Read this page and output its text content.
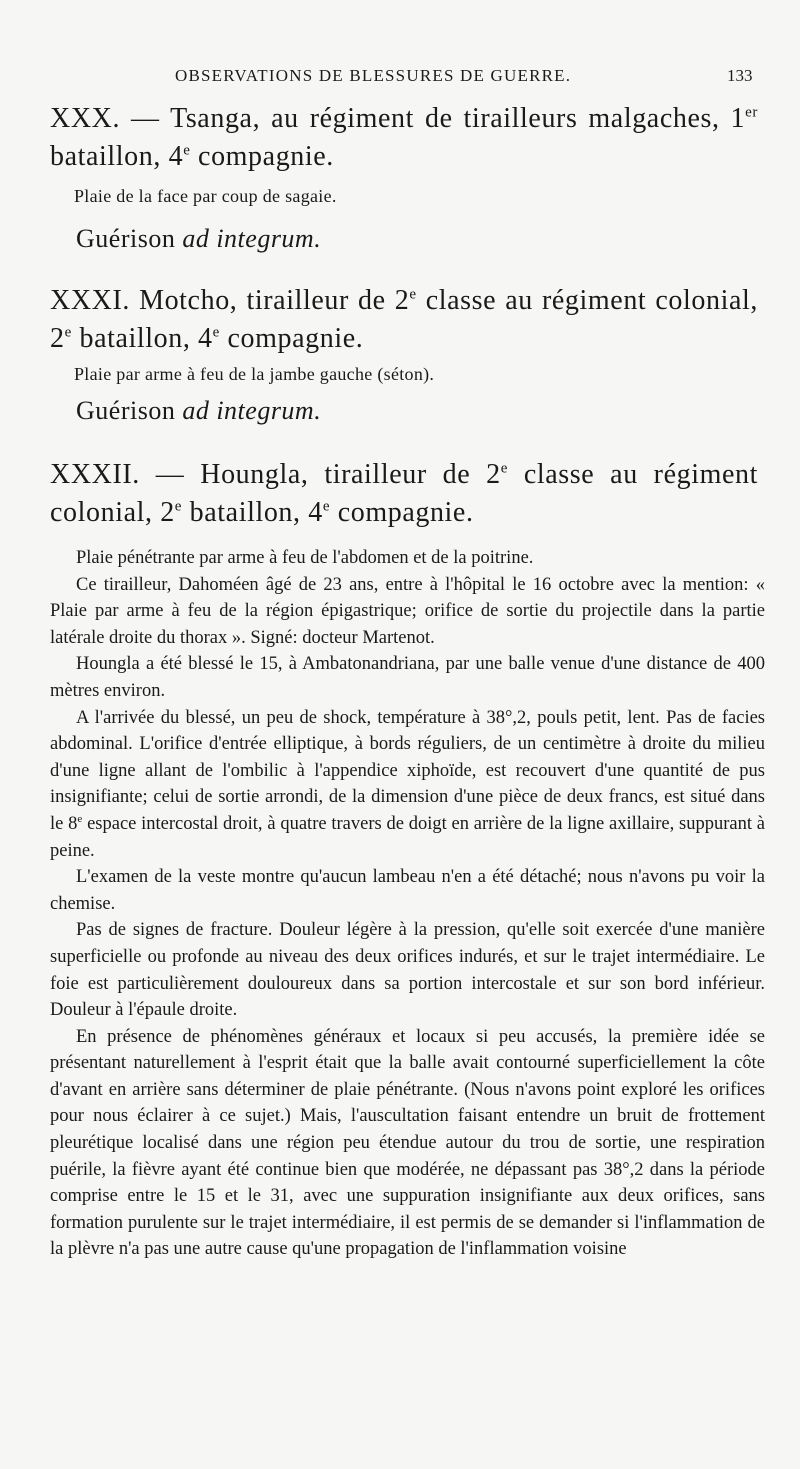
OBSERVATIONS DE BLESSURES DE GUERRE.	133
XXX. — Tsanga, au régiment de tirailleurs malgaches, 1er bataillon, 4e compagnie.
Plaie de la face par coup de sagaie.
Guérison ad integrum.
XXXI. Motcho, tirailleur de 2e classe au régiment colonial, 2e bataillon, 4e compagnie.
Plaie par arme à feu de la jambe gauche (séton).
Guérison ad integrum.
XXXII. — Houngla, tirailleur de 2e classe au régiment colonial, 2e bataillon, 4e compagnie.

Plaie pénétrante par arme à feu de l'abdomen et de la poitrine.

Ce tirailleur, Dahoméen âgé de 23 ans, entre à l'hôpital le 16 octobre avec la mention: « Plaie par arme à feu de la région épigastrique; orifice de sortie du projectile dans la partie latérale droite du thorax ». Signé: docteur Martenot.

Houngla a été blessé le 15, à Ambatonandriana, par une balle venue d'une distance de 400 mètres environ.

A l'arrivée du blessé, un peu de shock, température à 38°,2, pouls petit, lent. Pas de facies abdominal. L'orifice d'entrée elliptique, à bords réguliers, de un centimètre à droite du milieu d'une ligne allant de l'ombilic à l'appendice xiphoïde, est recouvert d'une quantité de pus insignifiante; celui de sortie arrondi, de la dimension d'une pièce de deux francs, est situé dans le 8e espace intercostal droit, à quatre travers de doigt en arrière de la ligne axillaire, suppurant à peine.

L'examen de la veste montre qu'aucun lambeau n'en a été détaché; nous n'avons pu voir la chemise.

Pas de signes de fracture. Douleur légère à la pression, qu'elle soit exercée d'une manière superficielle ou profonde au niveau des deux orifices indurés, et sur le trajet intermédiaire. Le foie est particulièrement douloureux dans sa portion intercostale et sur son bord inférieur. Douleur à l'épaule droite.

En présence de phénomènes généraux et locaux si peu accusés, la première idée se présentant naturellement à l'esprit était que la balle avait contourné superficiellement la côte d'avant en arrière sans déterminer de plaie pénétrante. (Nous n'avons point exploré les orifices pour nous éclairer à ce sujet.) Mais, l'auscultation faisant entendre un bruit de frottement pleurétique localisé dans une région peu étendue autour du trou de sortie, une respiration puérile, la fièvre ayant été continue bien que modérée, ne dépassant pas 38°,2 dans la période comprise entre le 15 et le 31, avec une suppuration insignifiante aux deux orifices, sans formation purulente sur le trajet intermédiaire, il est permis de se demander si l'inflammation de la plèvre n'a pas une autre cause qu'une propagation de l'inflammation voisine
